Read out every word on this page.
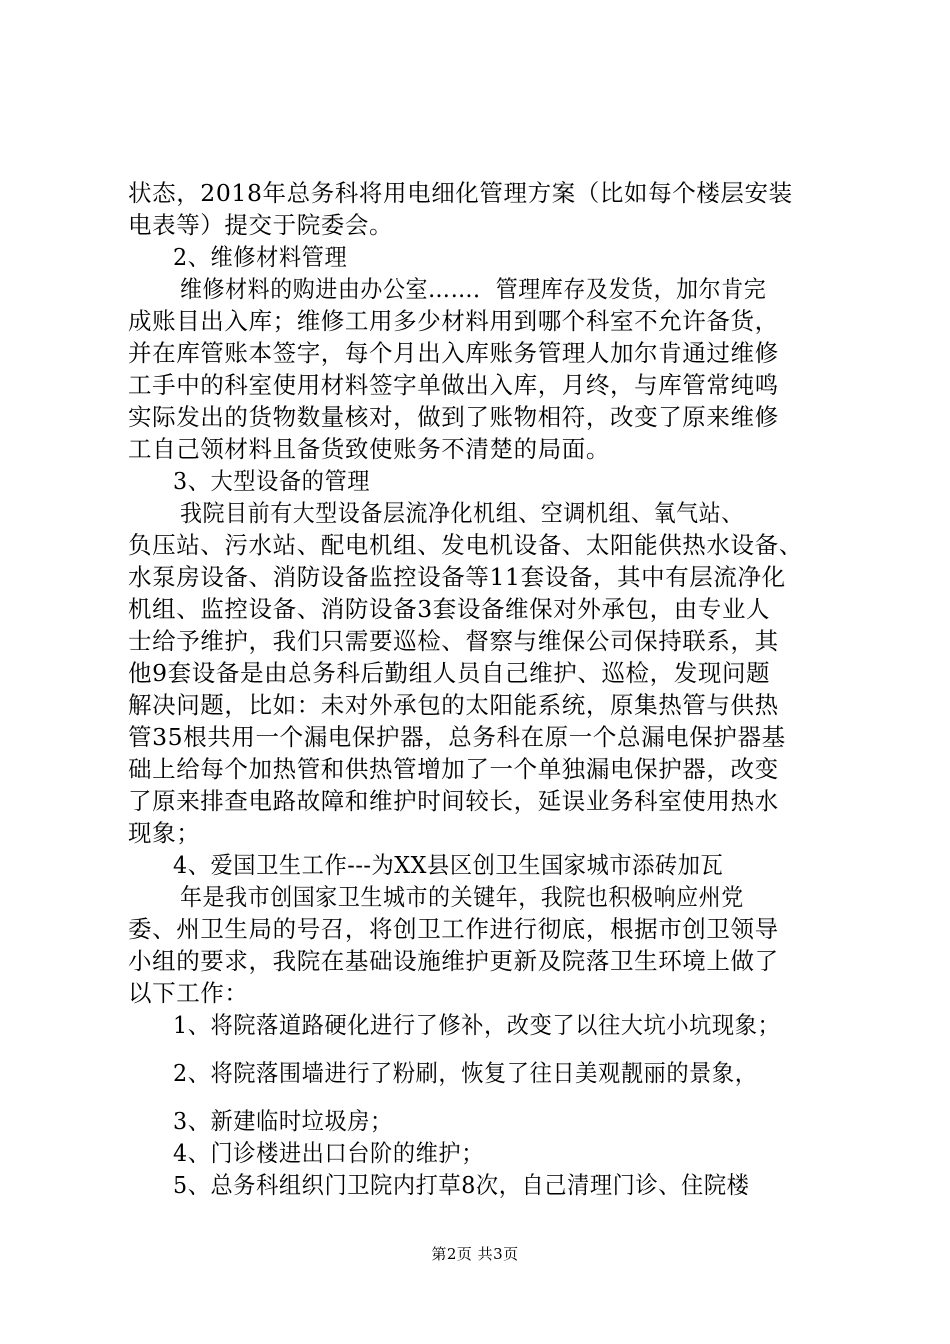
状态，2018年总务科将用电细化管理方案（比如每个楼层安装
电表等）提交于院委会。
2、维修材料管理
维修材料的购进由办公室……．管理库存及发货，加尔肯完
成账目出入库；维修工用多少材料用到哪个科室不允许备货，
并在库管账本签字，每个月出入库账务管理人加尔肯通过维修
工手中的科室使用材料签字单做出入库，月终，与库管常纯鸣
实际发出的货物数量核对，做到了账物相符，改变了原来维修
工自己领材料且备货致使账务不清楚的局面。
3、大型设备的管理
我院目前有大型设备层流净化机组、空调机组、氧气站、
负压站、污水站、配电机组、发电机设备、太阳能供热水设备、
水泵房设备、消防设备监控设备等11套设备，其中有层流净化
机组、监控设备、消防设备3套设备维保对外承包，由专业人
士给予维护，我们只需要巡检、督察与维保公司保持联系，其
他9套设备是由总务科后勤组人员自己维护、巡检，发现问题
解决问题，比如：未对外承包的太阳能系统，原集热管与供热
管35根共用一个漏电保护器，总务科在原一个总漏电保护器基
础上给每个加热管和供热管增加了一个单独漏电保护器，改变
了原来排查电路故障和维护时间较长，延误业务科室使用热水
现象；
4、爱国卫生工作---为XX县区创卫生国家城市添砖加瓦
年是我市创国家卫生城市的关键年，我院也积极响应州党
委、州卫生局的号召，将创卫工作进行彻底，根据市创卫领导
小组的要求，我院在基础设施维护更新及院落卫生环境上做了
以下工作：
1、将院落道路硬化进行了修补，改变了以往大坑小坑现象；
2、将院落围墙进行了粉刷，恢复了往日美观靓丽的景象，
3、新建临时垃圾房；
4、门诊楼进出口台阶的维护；
5、总务科组织门卫院内打草8次，自己清理门诊、住院楼
第2页 共3页
